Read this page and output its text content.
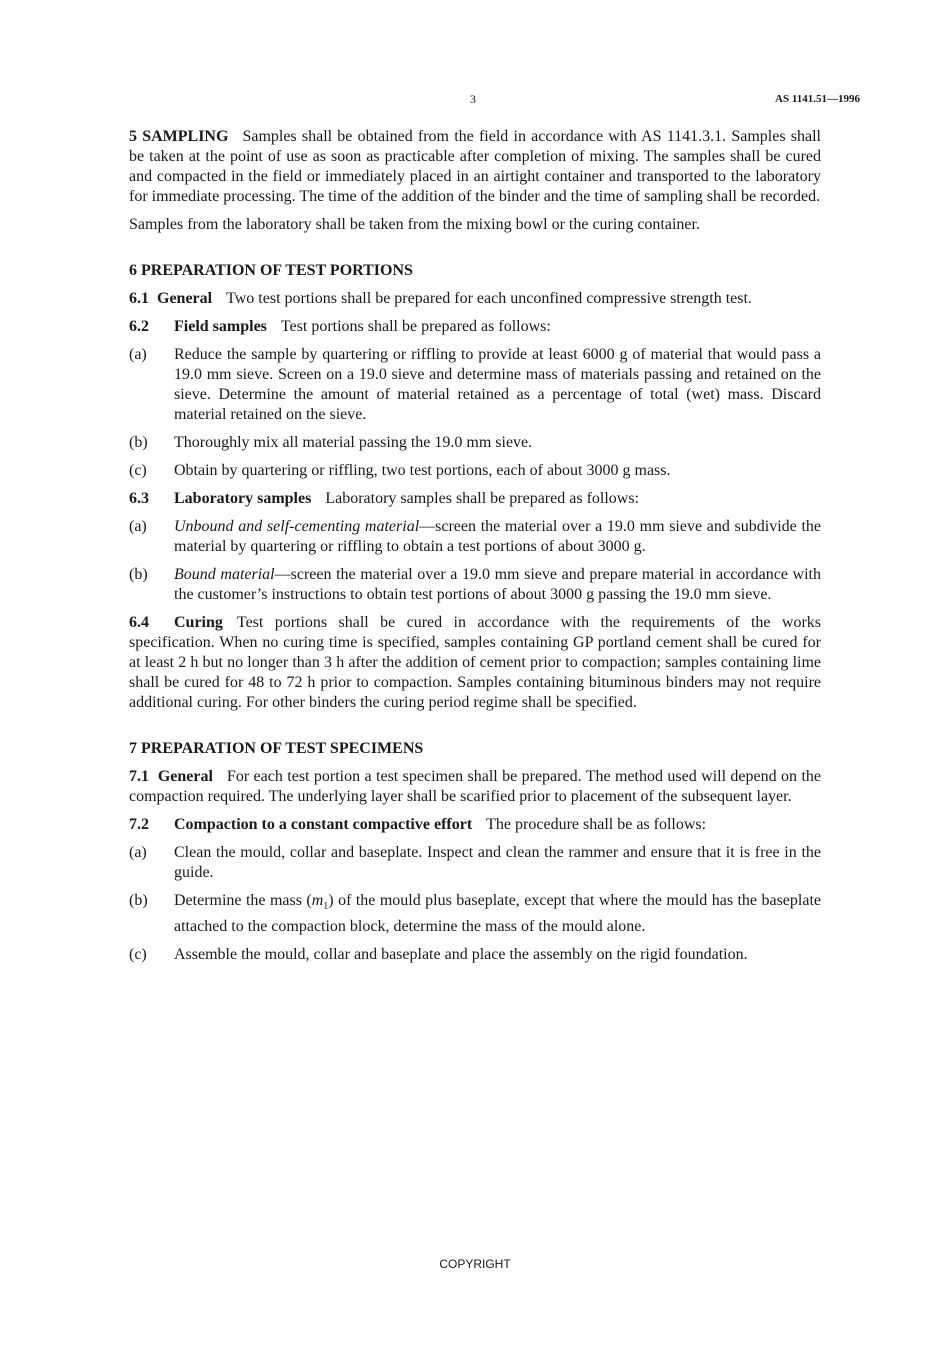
3	AS 1141.51—1996

5 SAMPLING Samples shall be obtained from the field in accordance with AS 1141.3.1. Samples shall be taken at the point of use as soon as practicable after completion of mixing. The samples shall be cured and compacted in the field or immediately placed in an airtight container and transported to the laboratory for immediate processing. The time of the addition of the binder and the time of sampling shall be recorded.

Samples from the laboratory shall be taken from the mixing bowl or the curing container.

6 PREPARATION OF TEST PORTIONS

6.1 General Two test portions shall be prepared for each unconfined compressive strength test.

6.2 Field samples Test portions shall be prepared as follows:

(a)	Reduce the sample by quartering or riffling to provide at least 6000 g of material that would pass a 19.0 mm sieve. Screen on a 19.0 sieve and determine mass of materials passing and retained on the sieve. Determine the amount of material retained as a percentage of total (wet) mass. Discard material retained on the sieve.
(b)	Thoroughly mix all material passing the 19.0 mm sieve.
(c)	Obtain by quartering or riffling, two test portions, each of about 3000 g mass.

6.3 Laboratory samples Laboratory samples shall be prepared as follows:

(a)	Unbound and self-cementing material—screen the material over a 19.0 mm sieve and subdivide the material by quartering or riffling to obtain a test portions of about 3000 g.
(b)	Bound material—screen the material over a 19.0 mm sieve and prepare material in accordance with the customer’s instructions to obtain test portions of about 3000 g passing the 19.0 mm sieve.

6.4 Curing Test portions shall be cured in accordance with the requirements of the works specification. When no curing time is specified, samples containing GP portland cement shall be cured for at least 2 h but no longer than 3 h after the addition of cement prior to compaction; samples containing lime shall be cured for 48 to 72 h prior to compaction. Samples containing bituminous binders may not require additional curing. For other binders the curing period regime shall be specified.

7 PREPARATION OF TEST SPECIMENS

7.1 General For each test portion a test specimen shall be prepared. The method used will depend on the compaction required. The underlying layer shall be scarified prior to placement of the subsequent layer.

7.2 Compaction to a constant compactive effort The procedure shall be as follows:

(a)	Clean the mould, collar and baseplate. Inspect and clean the rammer and ensure that it is free in the guide.
(b)	Determine the mass $(m_1)$ of the mould plus baseplate, except that where the mould has the baseplate attached to the compaction block, determine the mass of the mould alone.
(c)	Assemble the mould, collar and baseplate and place the assembly on the rigid foundation.
COPYRIGHT
